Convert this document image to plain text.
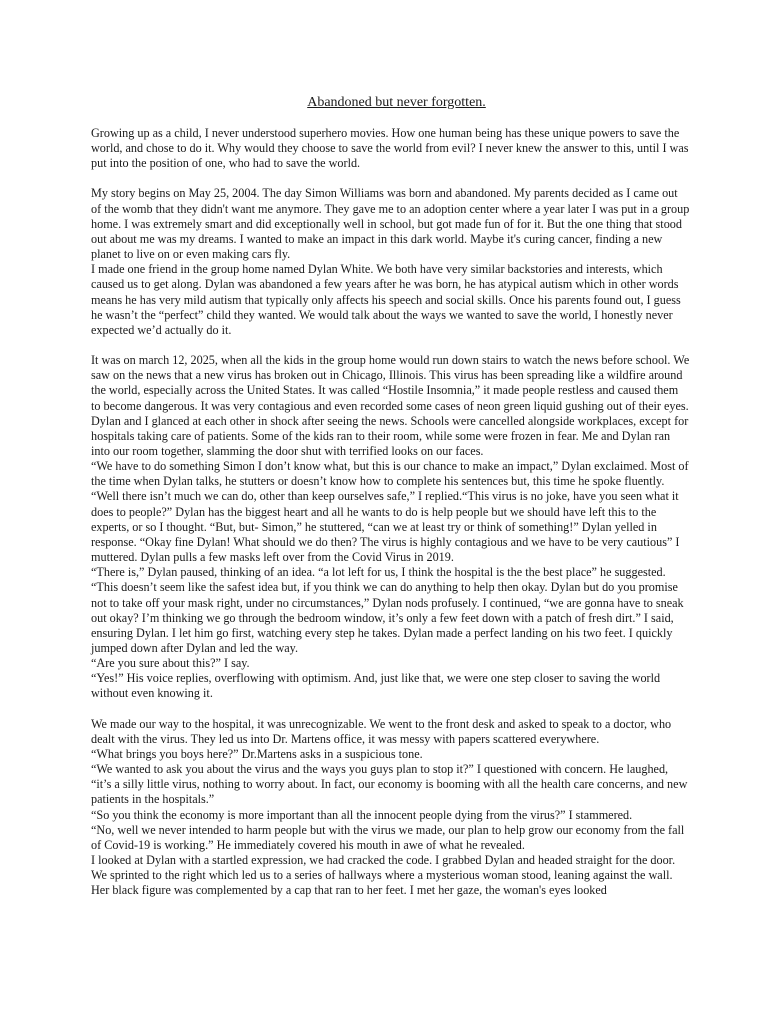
Abandoned but never forgotten.

Growing up as a child, I never understood superhero movies. How one human being has these unique powers to save the world, and chose to do it. Why would they choose to save the world from evil? I never knew the answer to this, until I was put into the position of one, who had to save the world.

My story begins on May 25, 2004. The day Simon Williams was born and abandoned. My parents decided as I came out of the womb that they didn't want me anymore. They gave me to an adoption center where a year later I was put in a group home. I was extremely smart and did exceptionally well in school, but got made fun of for it. But the one thing that stood out about me was my dreams. I wanted to make an impact in this dark world. Maybe it's curing cancer, finding a new planet to live on or even making cars fly.

I made one friend in the group home named Dylan White. We both have very similar backstories and interests, which caused us to get along. Dylan was abandoned a few years after he was born, he has atypical autism which in other words means he has very mild autism that typically only affects his speech and social skills. Once his parents found out, I guess he wasn’t the “perfect” child they wanted. We would talk about the ways we wanted to save the world, I honestly never expected we’d actually do it.

It was on march 12, 2025, when all the kids in the group home would run down stairs to watch the news before school. We saw on the news that a new virus has broken out in Chicago, Illinois. This virus has been spreading like a wildfire around the world, especially across the United States. It was called “Hostile Insomnia,” it made people restless and caused them to become dangerous. It was very contagious and even recorded some cases of neon green liquid gushing out of their eyes. Dylan and I glanced at each other in shock after seeing the news. Schools were cancelled alongside workplaces, except for hospitals taking care of patients. Some of the kids ran to their room, while some were frozen in fear. Me and Dylan ran into our room together, slamming the door shut with terrified looks on our faces.

“We have to do something Simon I don’t know what, but this is our chance to make an impact,” Dylan exclaimed. Most of the time when Dylan talks, he stutters or doesn’t know how to complete his sentences but, this time he spoke fluently.

“Well there isn’t much we can do, other than keep ourselves safe,” I replied.“This virus is no joke, have you seen what it does to people?” Dylan has the biggest heart and all he wants to do is help people but we should have left this to the experts, or so I thought. “But, but- Simon,” he stuttered, “can we at least try or think of something!” Dylan yelled in response. “Okay fine Dylan! What should we do then? The virus is highly contagious and we have to be very cautious” I muttered. Dylan pulls a few masks left over from the Covid Virus in 2019.

“There is,” Dylan paused, thinking of an idea. “a lot left for us, I think the hospital is the the best place” he suggested.

“This doesn’t seem like the safest idea but, if you think we can do anything to help then okay. Dylan but do you promise not to take off your mask right, under no circumstances,” Dylan nods profusely. I continued, “we are gonna have to sneak out okay? I’m thinking we go through the bedroom window, it’s only a few feet down with a patch of fresh dirt.” I said, ensuring Dylan. I let him go first, watching every step he takes. Dylan made a perfect landing on his two feet. I quickly jumped down after Dylan and led the way.

“Are you sure about this?” I say.

“Yes!” His voice replies, overflowing with optimism. And, just like that, we were one step closer to saving the world without even knowing it.

We made our way to the hospital, it was unrecognizable. We went to the front desk and asked to speak to a doctor, who dealt with the virus. They led us into Dr. Martens office, it was messy with papers scattered everywhere.

“What brings you boys here?” Dr.Martens asks in a suspicious tone.

“We wanted to ask you about the virus and the ways you guys plan to stop it?” I questioned with concern. He laughed, “it’s a silly little virus, nothing to worry about. In fact, our economy is booming with all the health care concerns, and new patients in the hospitals.”

“So you think the economy is more important than all the innocent people dying from the virus?” I stammered.

“No, well we never intended to harm people but with the virus we made, our plan to help grow our economy from the fall of Covid-19 is working.” He immediately covered his mouth in awe of what he revealed.

I looked at Dylan with a startled expression, we had cracked the code. I grabbed Dylan and headed straight for the door. We sprinted to the right which led us to a series of hallways where a mysterious woman stood, leaning against the wall. Her black figure was complemented by a cap that ran to her feet. I met her gaze, the woman's eyes looked
